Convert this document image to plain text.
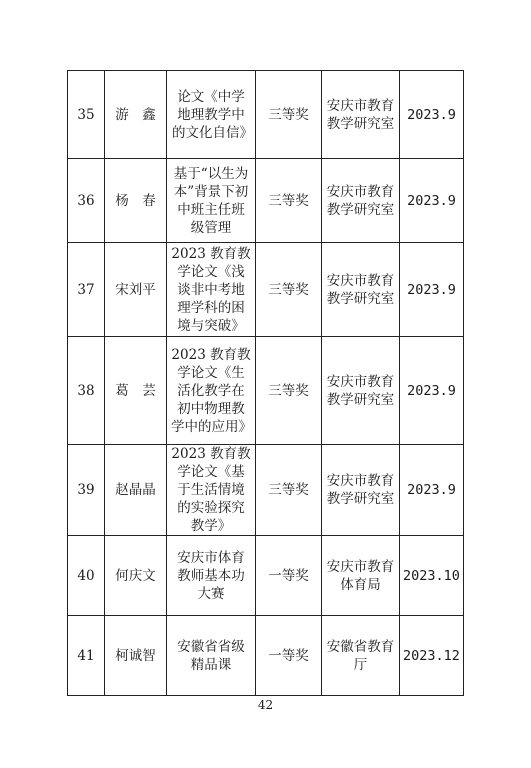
35	游　鑫	论文《中学地理教学中的文化自信》	三等奖	安庆市教育教学研究室	2023.9
36	杨　春	基于“以生为本”背景下初中班主任班级管理	三等奖	安庆市教育教学研究室	2023.9
37	宋刘平	2023 教育教学论文《浅谈非中考地理学科的困境与突破》	三等奖	安庆市教育教学研究室	2023.9
38	葛　芸	2023 教育教学论文《生活化教学在初中物理教学中的应用》	三等奖	安庆市教育教学研究室	2023.9
39	赵晶晶	2023 教育教学论文《基于生活情境的实验探究教学》	三等奖	安庆市教育教学研究室	2023.9
40	何庆文	安庆市体育教师基本功大赛	一等奖	安庆市教育体育局	2023.10
41	柯诚智	安徽省省级精品课	一等奖	安徽省教育厅	2023.12
42
